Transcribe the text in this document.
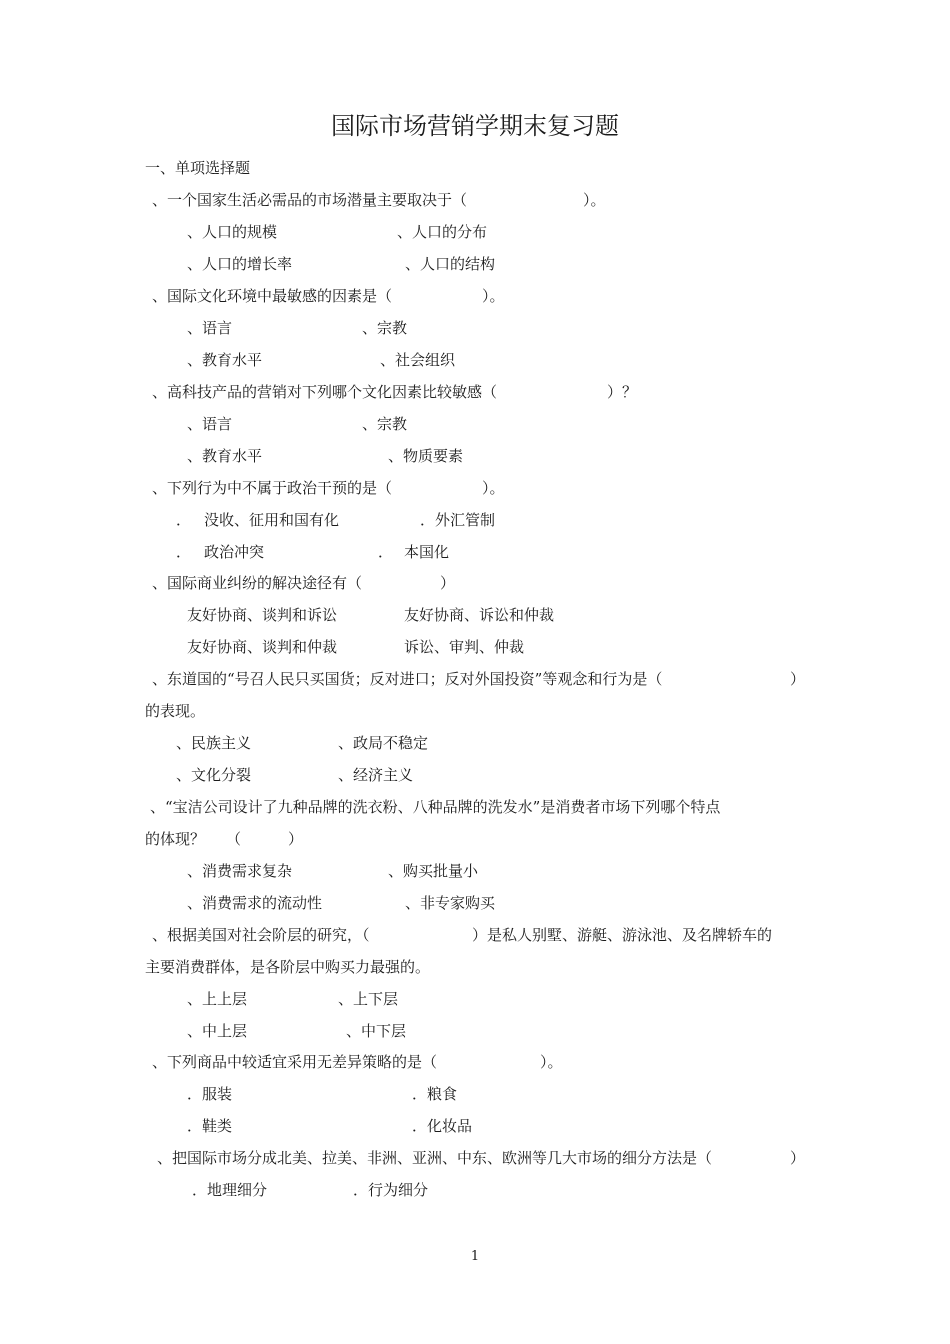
国际市场营销学期末复习题
一、单项选择题
、一个国家生活必需品的市场潜量主要取决于（	）。
、人口的规模	、人口的分布
、人口的增长率	、人口的结构
、国际文化环境中最敏感的因素是（	）。
、语言	、宗教
、教育水平	、社会组织
、高科技产品的营销对下列哪个文化因素比较敏感（	）？
、语言	、宗教
、教育水平	、物质要素
、下列行为中不属于政治干预的是（	）。
． 没收、征用和国有化	．外汇管制
． 政治冲突	． 本国化
、国际商业纠纷的解决途径有（	）
友好协商、谈判和诉讼	友好协商、诉讼和仲裁
友好协商、谈判和仲裁	诉讼、审判、仲裁
、东道国的“号召人民只买国货；反对进口；反对外国投资”等观念和行为是（	）
的表现。
、民族主义	、政局不稳定
、文化分裂	、经济主义
、“宝洁公司设计了九种品牌的洗衣粉、八种品牌的洗发水”是消费者市场下列哪个特点
的体现？ （	）
、消费需求复杂	、购买批量小
、消费需求的流动性	、非专家购买
、根据美国对社会阶层的研究，（	）是私人别墅、游艇、游泳池、及名牌轿车的
主要消费群体，是各阶层中购买力最强的。
、上上层	、上下层
、中上层	、中下层
、下列商品中较适宜采用无差异策略的是（	）。
．服装	．粮食
．鞋类	．化妆品
、把国际市场分成北美、拉美、非洲、亚洲、中东、欧洲等几大市场的细分方法是（	）
．地理细分	．行为细分
1
